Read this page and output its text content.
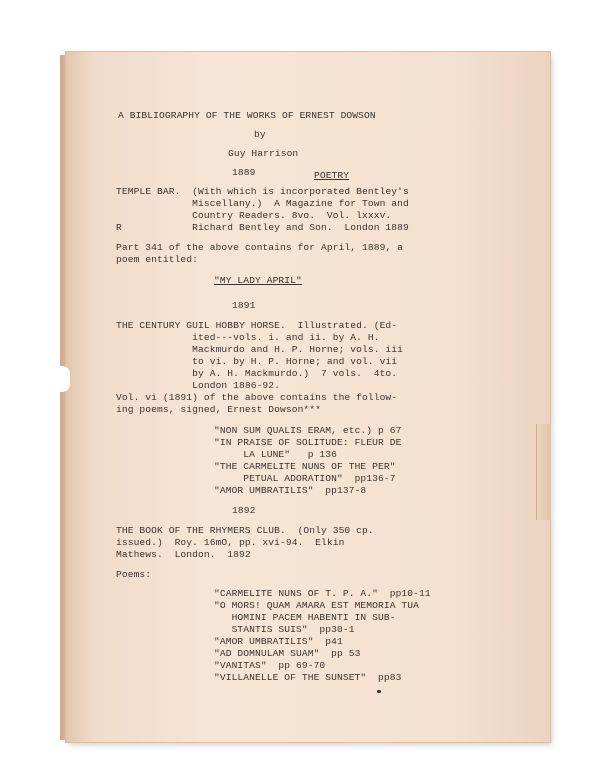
A BIBLIOGRAPHY OF THE WORKS OF ERNEST DOWSON
by
Guy Harrison
1889	POETRY
TEMPLE BAR.  (With which is incorporated Bentley's
Miscellany.)  A Magazine for Town and
Country Readers. 8vo.  Vol. lxxxv.
R            Richard Bentley and Son.  London 1889
Part 341 of the above contains for April, 1889, a
poem entitled:
"MY LADY APRIL"
1891
THE CENTURY GUIL HOBBY HORSE.  Illustrated. (Ed-
ited---vols. i. and ii. by A. H.
Mackmurdo and H. P. Horne; vols. iii
to vi. by H. P. Horne; and vol. vii
by A. H. Mackmurdo.)  7 vols.  4to.
London 1886-92.
Vol. vi (1891) of the above contains the follow-
ing poems, signed, Ernest Dowson***
"NON SUM QUALIS ERAM, etc.) p 67
"IN PRAISE OF SOLITUDE: FLEUR DE
LA LUNE"   p 136
"THE CARMELITE NUNS OF THE PER"
PETUAL ADORATION"  pp136-7
"AMOR UMBRATILIS"  pp137-8
1892
THE BOOK OF THE RHYMERS CLUB.  (Only 350 cp.
issued.)  Roy. 16mO, pp. xvi-94.  Elkin
Mathews.  London.  1892
Poems:
"CARMELITE NUNS OF T. P. A."  pp10-11
"O MORS! QUAM AMARA EST MEMORIA TUA
HOMINI PACEM HABENTI IN SUB-
STANTIS SUIS"  pp30-1
"AMOR UMBRATILIS"  p41
"AD DOMNULAM SUAM"  pp 53
"VANITAS"  pp 69-70
"VILLANELLE OF THE SUNSET"  pp83
